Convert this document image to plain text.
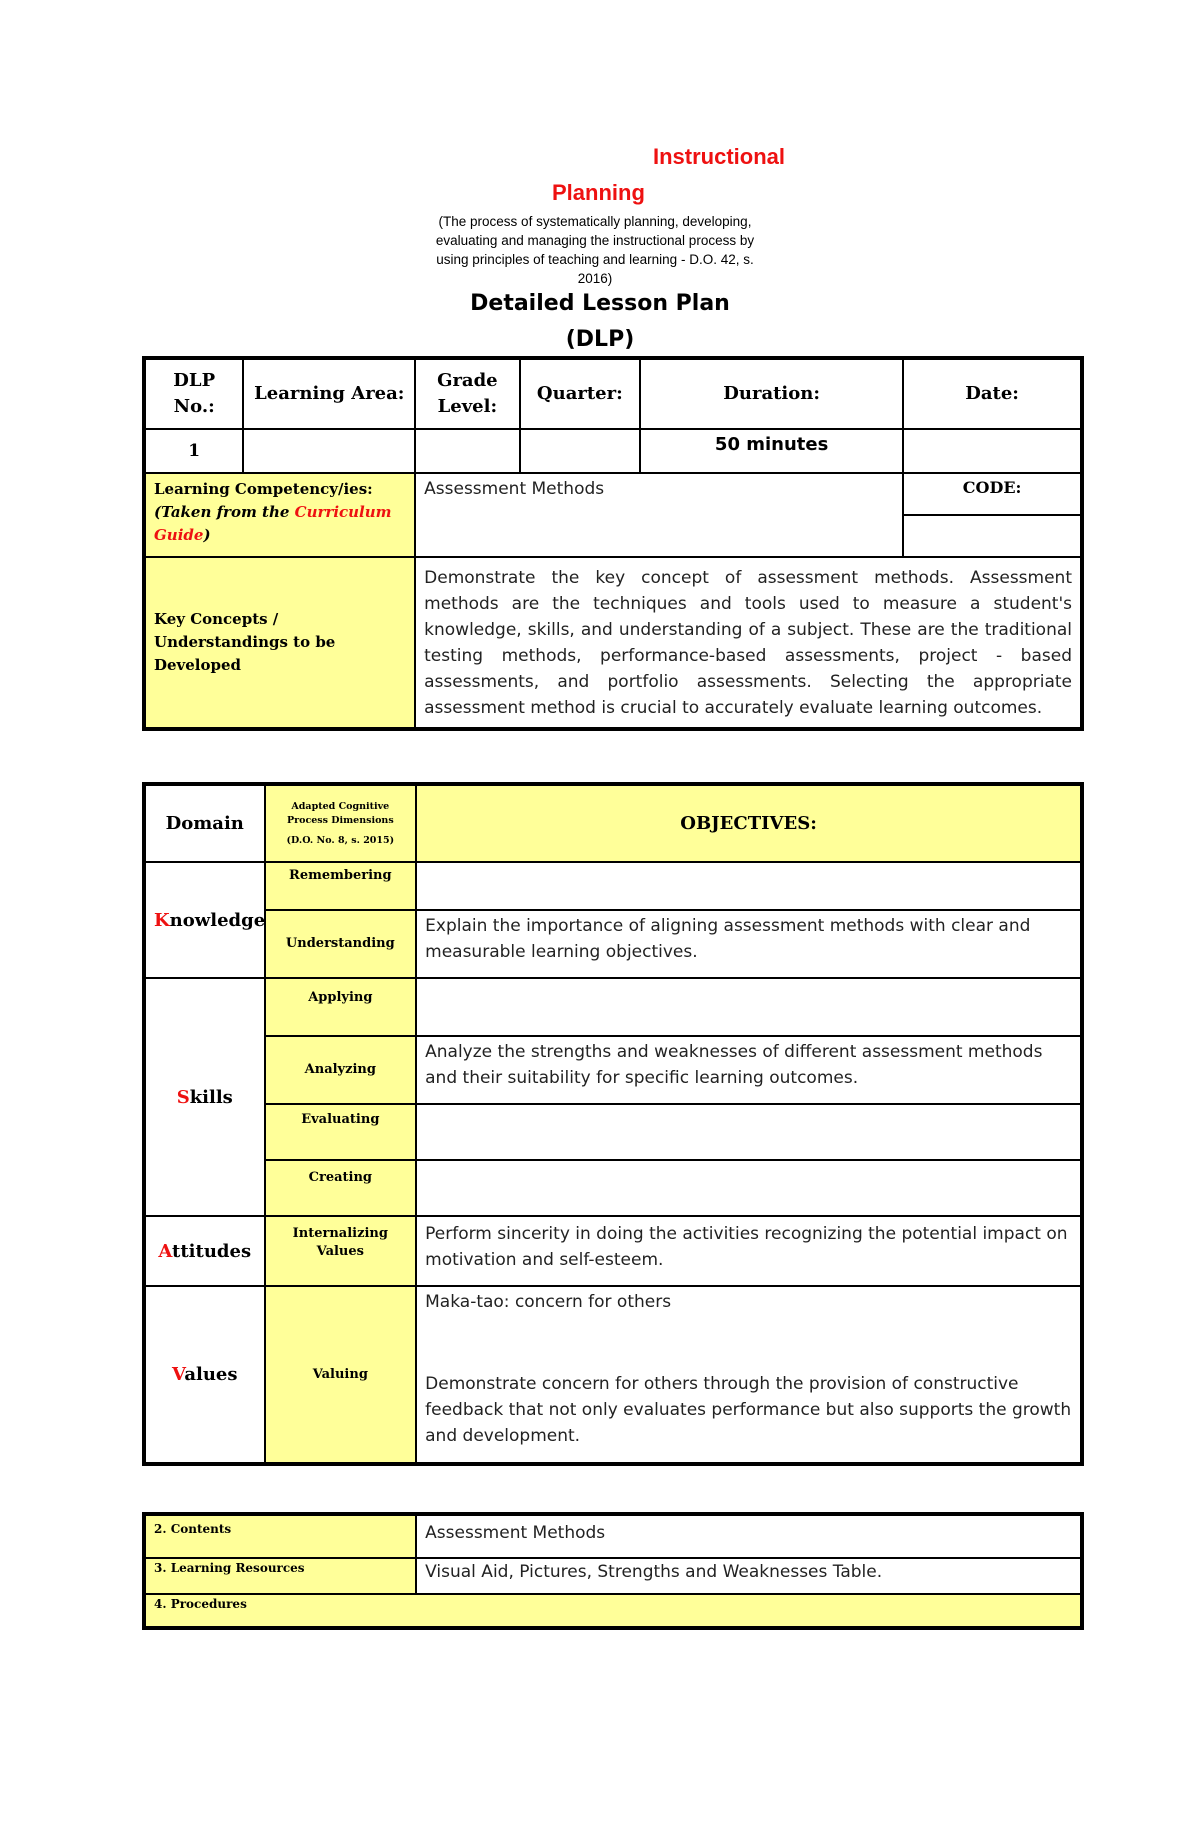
Instructional
Planning
(The process of systematically planning, developing,
evaluating and managing the instructional process by
using principles of teaching and learning - D.O. 42, s.
2016)
Detailed Lesson Plan
(DLP)
DLP No.:	Learning Area:	Grade Level:	Quarter:	Duration:	Date:
1				50 minutes	

Learning Competency/ies:
(Taken from the Curriculum Guide)		Assessment Methods			CODE:

Key Concepts / Understandings to be Developed		Demonstrate the key concept of assessment methods. Assessment methods are the techniques and tools used to measure a student's knowledge, skills, and understanding of a subject. These are the traditional testing methods, performance-based assessments, project - based assessments, and portfolio assessments. Selecting the appropriate assessment method is crucial to accurately evaluate learning outcomes.			
Domain	Adapted Cognitive Process Dimensions
(D.O. No. 8, s. 2015)	OBJECTIVES:
Knowledge	Remembering	
	Understanding	Explain the importance of aligning assessment methods with clear and measurable learning objectives.
Skills	Applying	
	Analyzing	Analyze the strengths and weaknesses of different assessment methods and their suitability for specific learning outcomes.
	Evaluating	
	Creating	
Attitudes	Internalizing Values	Perform sincerity in doing the activities recognizing the potential impact on motivation and self-esteem.
Values	Valuing	Maka-tao: concern for others
Demonstrate concern for others through the provision of constructive feedback that not only evaluates performance but also supports the growth and development.
2. Contents	Assessment Methods
3. Learning Resources	Visual Aid, Pictures, Strengths and Weaknesses Table.
4. Procedures	
